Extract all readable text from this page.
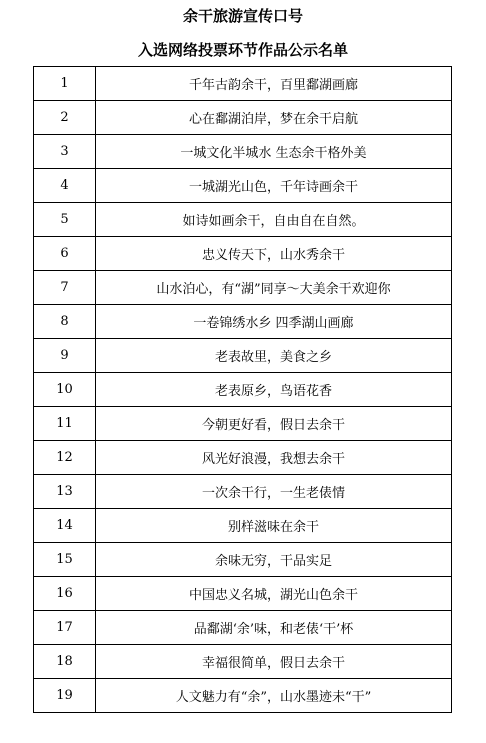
余干旅游宣传口号
入选网络投票环节作品公示名单
1	千年古韵余干，百里鄱湖画廊
2	心在鄱湖泊岸，梦在余干启航
3	一城文化半城水 生态余干格外美
4	一城湖光山色，千年诗画余干
5	如诗如画余干，自由自在自然。
6	忠义传天下，山水秀余干
7	山水泊心，有“湖”同享～大美余干欢迎你
8	一卷锦绣水乡 四季湖山画廊
9	老表故里，美食之乡
10	老表原乡，鸟语花香
11	今朝更好看，假日去余干
12	风光好浪漫，我想去余干
13	一次余干行，一生老俵情
14	别样滋味在余干
15	余味无穷，干品实足
16	中国忠义名城，湖光山色余干
17	品鄱湖‘余’味，和老俵‘干’杯
18	幸福很简单，假日去余干
19	人文魅力有“余”，山水墨迹未“干”
